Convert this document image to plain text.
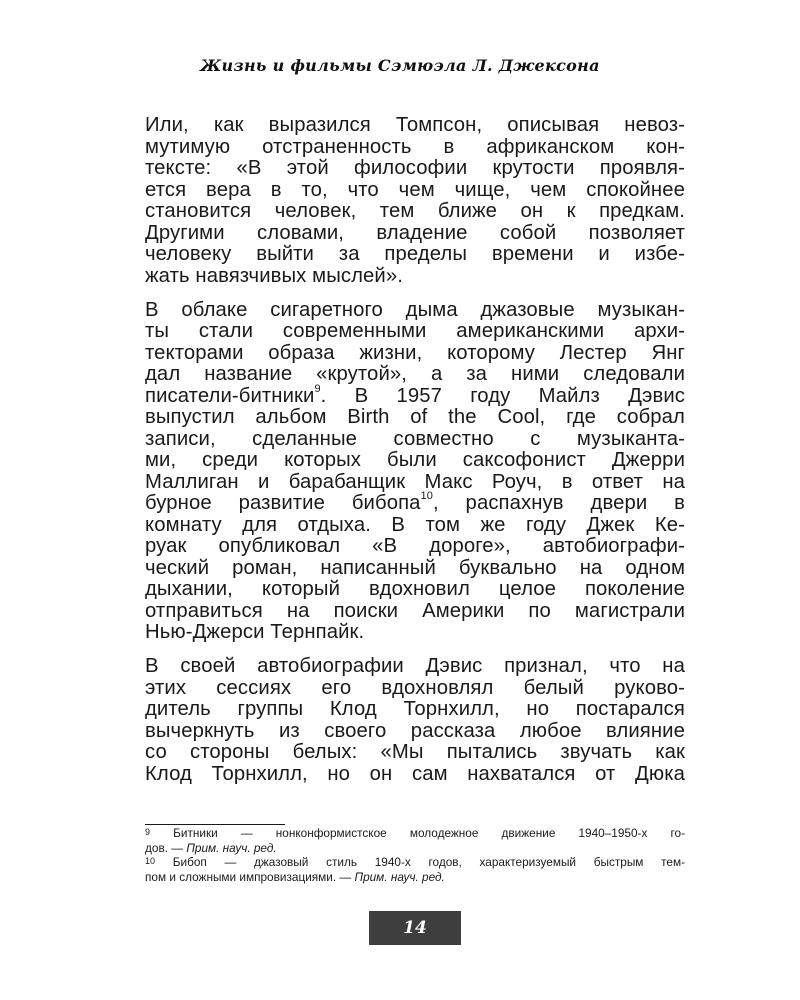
Жизнь и фильмы Сэмюэла Л. Джексона
Или, как выразился Томпсон, описывая невоз-
мутимую отстраненность в африканском кон-
тексте: «В этой философии крутости проявля-
ется вера в то, что чем чище, чем спокойнее
становится человек, тем ближе он к предкам.
Другими словами, владение собой позволяет
человеку выйти за пределы времени и избе-
жать навязчивых мыслей».
В облаке сигаретного дыма джазовые музыкан-
ты стали современными американскими архи-
текторами образа жизни, которому Лестер Янг
дал название «крутой», а за ними следовали
писатели-битники$^9$. В 1957 году Майлз Дэвис
выпустил альбом Birth of the Cool, где собрал
записи, сделанные совместно с музыканта-
ми, среди которых были саксофонист Джерри
Маллиган и барабанщик Макс Роуч, в ответ на
бурное развитие бибопа$^{10}$, распахнув двери в
комнату для отдыха. В том же году Джек Ке-
руак опубликовал «В дороге», автобиографи-
ческий роман, написанный буквально на одном
дыхании, который вдохновил целое поколение
отправиться на поиски Америки по магистрали
Нью-Джерси Тернпайк.
В своей автобиографии Дэвис признал, что на
этих сессиях его вдохновлял белый руково-
дитель группы Клод Торнхилл, но постарался
вычеркнуть из своего рассказа любое влияние
со стороны белых: «Мы пытались звучать как
Клод Торнхилл, но он сам нахватался от Дюка
9 Битники — нонконформистское молодежное движение 1940–1950-х го-
дов. — Прим. науч. ред.
10 Бибоп — джазовый стиль 1940-х годов, характеризуемый быстрым тем-
пом и сложными импровизациями. — Прим. науч. ред.
14
